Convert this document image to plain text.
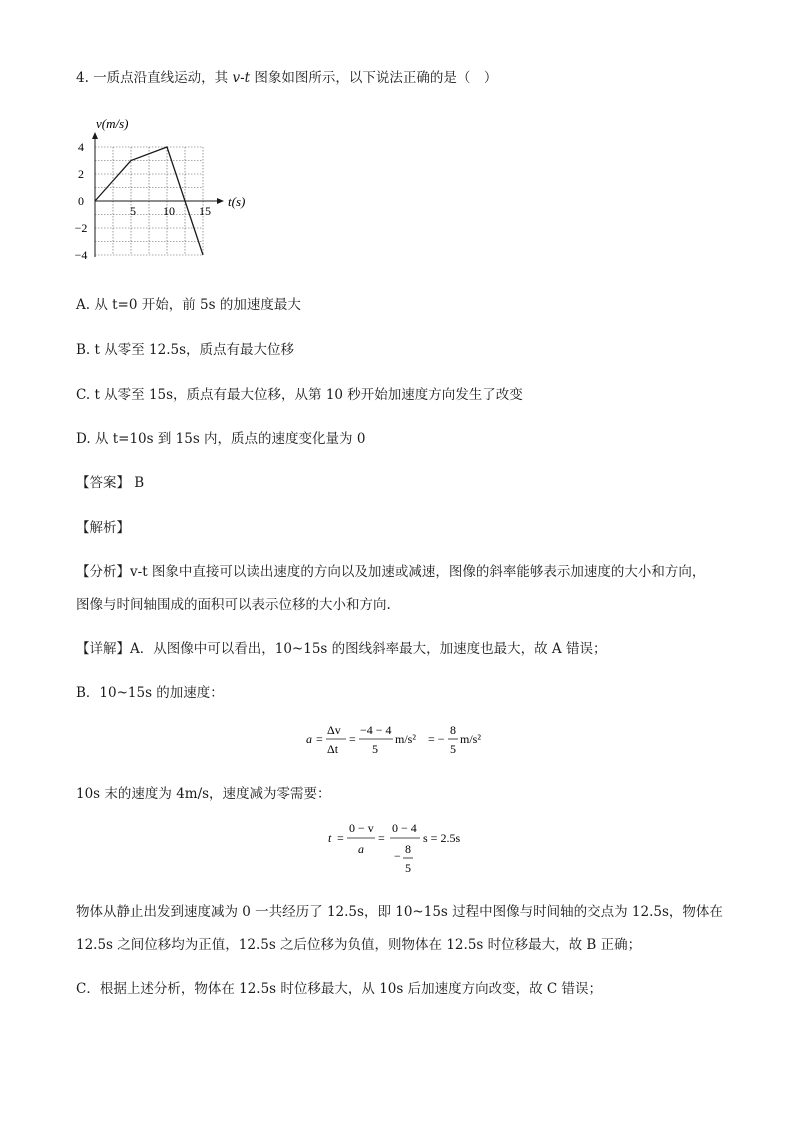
4. 一质点沿直线运动，其 v-t 图象如图所示，以下说法正确的是（　）
4
2
0
−2
−4
5 10 15
v(m/s)
t(s)
A. 从 t=0 开始，前 5s 的加速度最大
B. t 从零至 12.5s，质点有最大位移
C. t 从零至 15s，质点有最大位移，从第 10 秒开始加速度方向发生了改变
D. 从 t=10s 到 15s 内，质点的速度变化量为 0
【答案】 B
【解析】
【分析】v-t 图象中直接可以读出速度的方向以及加速或减速，图像的斜率能够表示加速度的大小和方向，
图像与时间轴围成的面积可以表示位移的大小和方向.
【详解】A．从图像中可以看出，10~15s 的图线斜率最大，加速度也最大，故 A 错误；
B．10~15s 的加速度：
a =
Δv
Δt
=
−4 − 4
5
m/s² = −
8
5
m/s²
10s 末的速度为 4m/s，速度减为零需要：
t =
0 − v
a
=
0 − 4
− 8
5
s = 2.5s
物体从静止出发到速度减为 0 一共经历了 12.5s，即 10~15s 过程中图像与时间轴的交点为 12.5s，物体在
12.5s 之间位移均为正值，12.5s 之后位移为负值，则物体在 12.5s 时位移最大，故 B 正确；
C．根据上述分析，物体在 12.5s 时位移最大，从 10s 后加速度方向改变，故 C 错误；
